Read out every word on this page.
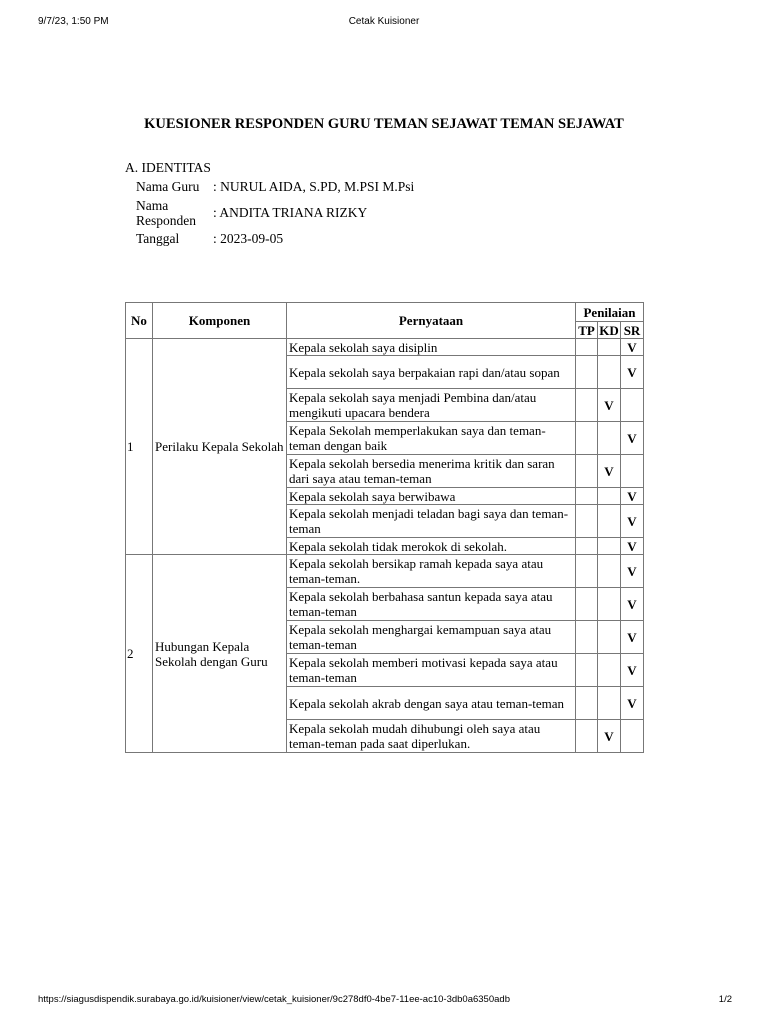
9/7/23, 1:50 PM	Cetak Kuisioner
KUESIONER RESPONDEN GURU TEMAN SEJAWAT TEMAN SEJAWAT
A. IDENTITAS
Nama Guru	: NURUL AIDA, S.PD, M.PSI M.Psi
Nama
Responden	: ANDITA TRIANA RIZKY
Tanggal	: 2023-09-05
No	Komponen	Pernyataan	Penilaian		
			TP	KD	SR
1	Perilaku Kepala Sekolah	Kepala sekolah saya disiplin			V
		Kepala sekolah saya berpakaian rapi dan/atau sopan			V
		Kepala sekolah saya menjadi Pembina dan/atau mengikuti upacara bendera		V	
		Kepala Sekolah memperlakukan saya dan teman-teman dengan baik			V
		Kepala sekolah bersedia menerima kritik dan saran dari saya atau teman-teman		V	
		Kepala sekolah saya berwibawa			V
		Kepala sekolah menjadi teladan bagi saya dan teman-teman			V
		Kepala sekolah tidak merokok di sekolah.			V
2	Hubungan Kepala Sekolah dengan Guru	Kepala sekolah bersikap ramah kepada saya atau teman-teman.			V
		Kepala sekolah berbahasa santun kepada saya atau teman-teman			V
		Kepala sekolah menghargai kemampuan saya atau teman-teman			V
		Kepala sekolah memberi motivasi kepada saya atau teman-teman			V
		Kepala sekolah akrab dengan saya atau teman-teman			V
		Kepala sekolah mudah dihubungi oleh saya atau teman-teman pada saat diperlukan.		V	
https://siagusdispendik.surabaya.go.id/kuisioner/view/cetak_kuisioner/9c278df0-4be7-11ee-ac10-3db0a6350adb	1/2
